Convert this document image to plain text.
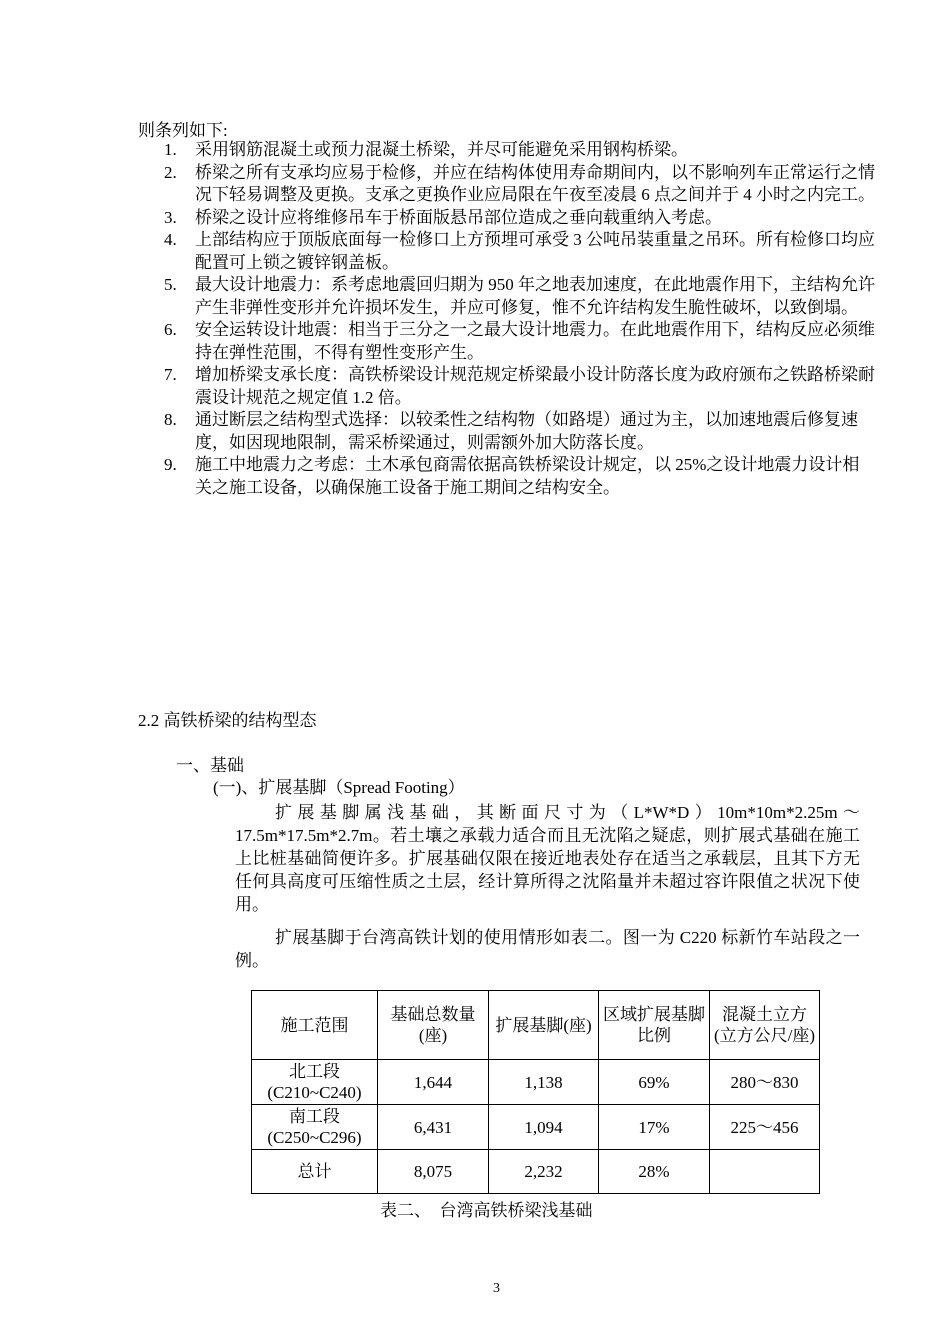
则条列如下:
1. 采用钢筋混凝土或预力混凝土桥梁，并尽可能避免采用钢构桥梁。
2. 桥梁之所有支承均应易于检修，并应在结构体使用寿命期间内，以不影响列车正常运行之情况下轻易调整及更换。支承之更换作业应局限在午夜至凌晨 6 点之间并于 4 小时之内完工。
3. 桥梁之设计应将维修吊车于桥面版悬吊部位造成之垂向载重纳入考虑。
4. 上部结构应于顶版底面每一检修口上方预埋可承受 3 公吨吊装重量之吊环。所有检修口均应配置可上锁之镀锌钢盖板。
5. 最大设计地震力：系考虑地震回归期为 950 年之地表加速度，在此地震作用下，主结构允许产生非弹性变形并允许损坏发生，并应可修复，惟不允许结构发生脆性破坏，以致倒塌。
6. 安全运转设计地震：相当于三分之一之最大设计地震力。在此地震作用下，结构反应必须维持在弹性范围，不得有塑性变形产生。
7. 增加桥梁支承长度：高铁桥梁设计规范规定桥梁最小设计防落长度为政府颁布之铁路桥梁耐震设计规范之规定值 1.2 倍。
8. 通过断层之结构型式选择：以较柔性之结构物（如路堤）通过为主，以加速地震后修复速度，如因现地限制，需采桥梁通过，则需额外加大防落长度。
9. 施工中地震力之考虑：土木承包商需依据高铁桥梁设计规定，以 25%之设计地震力设计相关之施工设备，以确保施工设备于施工期间之结构安全。
2.2 高铁桥梁的结构型态
一、基础
(一)、扩展基脚（Spread Footing）
扩展基脚属浅基础，其断面尺寸为（L*W*D）10m*10m*2.25m～17.5m*17.5m*2.7m。若土壤之承载力适合而且无沈陷之疑虑，则扩展式基础在施工上比桩基础简便许多。扩展基础仅限在接近地表处存在适当之承载层，且其下方无任何具高度可压缩性质之土层，经计算所得之沈陷量并未超过容许限值之状况下使用。
扩展基脚于台湾高铁计划的使用情形如表二。图一为 C220 标新竹车站段之一例。
施工范围	基础总数量(座)	扩展基脚(座)	区域扩展基脚比例	混凝土立方(立方公尺/座)
北工段(C210~C240)	1,644	1,138	69%	280～830
南工段(C250~C296)	6,431	1,094	17%	225～456
总计	8,075	2,232	28%	
表二、　台湾高铁桥梁浅基础
3
